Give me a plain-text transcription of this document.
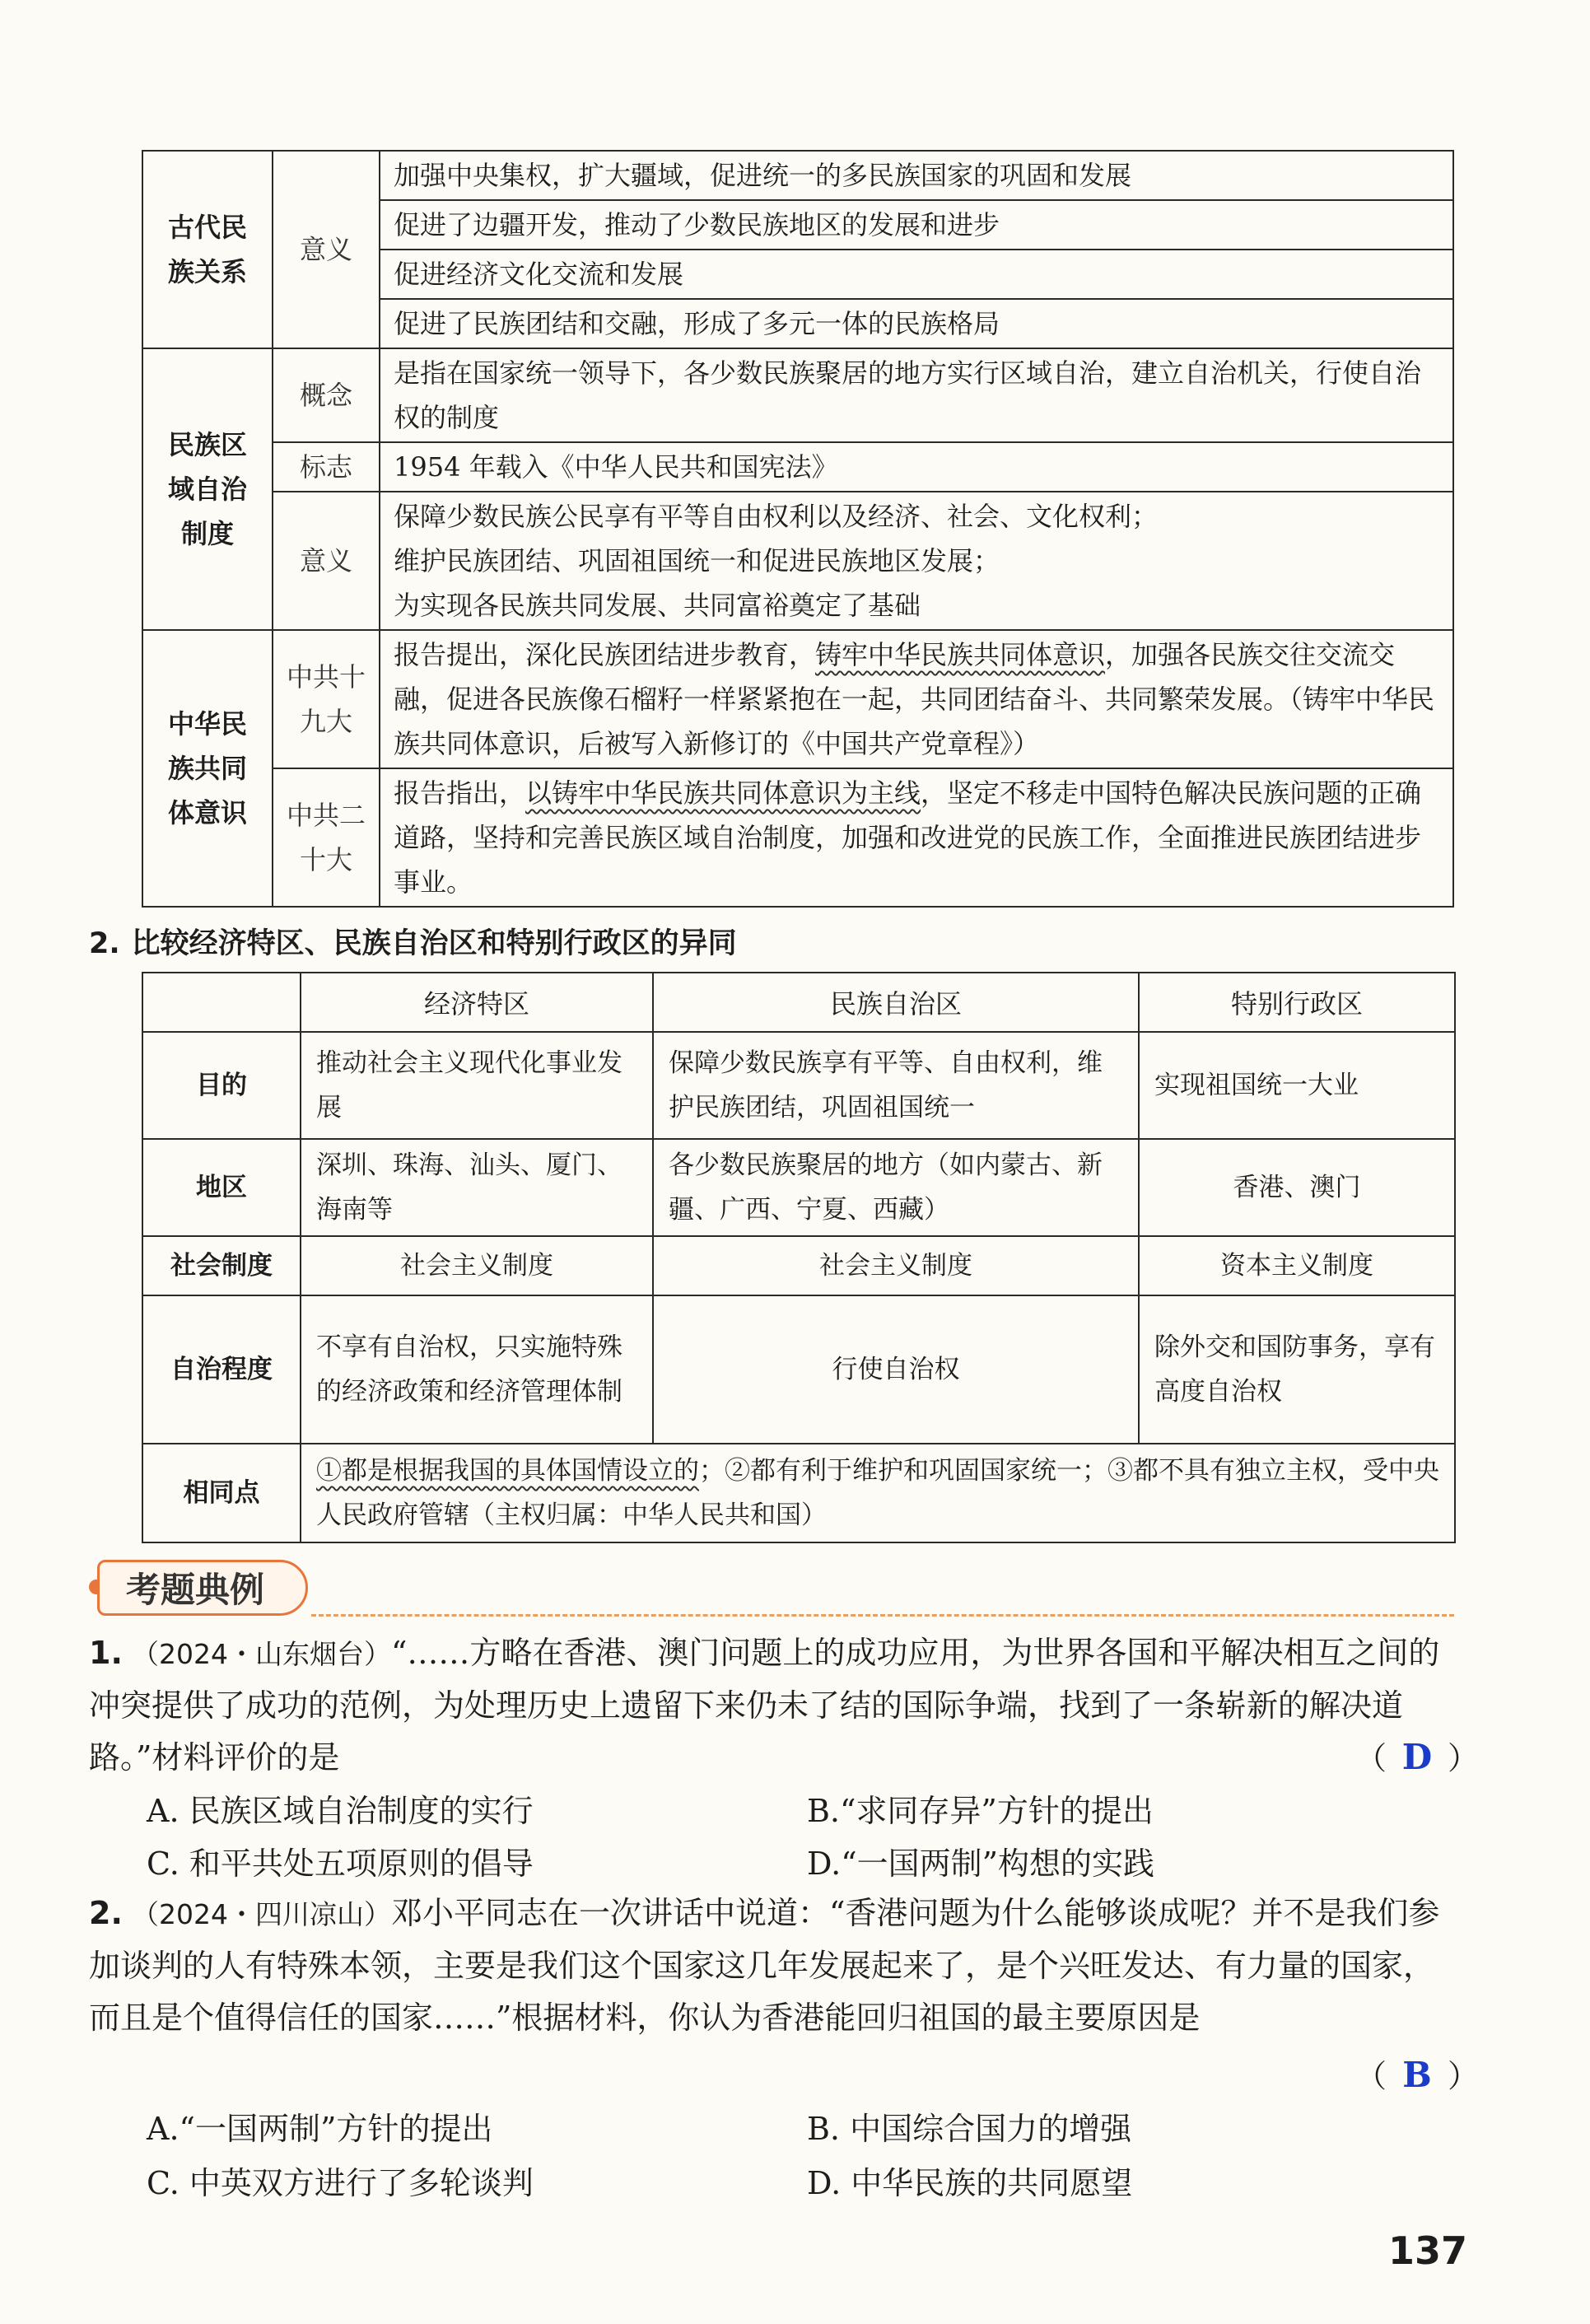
古代民族关系	意义	加强中央集权，扩大疆域，促进统一的多民族国家的巩固和发展
		促进了边疆开发，推动了少数民族地区的发展和进步
		促进经济文化交流和发展
		促进了民族团结和交融，形成了多元一体的民族格局
民族区域自治制度	概念	是指在国家统一领导下，各少数民族聚居的地方实行区域自治，建立自治机关，行使自治权的制度
	标志	1954 年载入《中华人民共和国宪法》
	意义	保障少数民族公民享有平等自由权利以及经济、社会、文化权利；
维护民族团结、巩固祖国统一和促进民族地区发展；
为实现各民族共同发展、共同富裕奠定了基础

中华民族共同体意识	中共十九大	报告提出，深化民族团结进步教育，铸牢中华民族共同体意识，加强各民族交往交流交融，促进各民族像石榴籽一样紧紧抱在一起，共同团结奋斗、共同繁荣发展。（铸牢中华民族共同体意识，后被写入新修订的《中国共产党章程》）
	中共二十大	报告指出，以铸牢中华民族共同体意识为主线，坚定不移走中国特色解决民族问题的正确道路，坚持和完善民族区域自治制度，加强和改进党的民族工作，全面推进民族团结进步事业。
2. 比较经济特区、民族自治区和特别行政区的异同
	经济特区	民族自治区	特别行政区
目的	推动社会主义现代化事业发展	保障少数民族享有平等、自由权利，维护民族团结，巩固祖国统一	实现祖国统一大业
地区	深圳、珠海、汕头、厦门、海南等	各少数民族聚居的地方（如内蒙古、新疆、广西、宁夏、西藏）	香港、澳门
社会制度	社会主义制度	社会主义制度	资本主义制度
自治程度	不享有自治权，只实施特殊的经济政策和经济管理体制	行使自治权	除外交和国防事务，享有高度自治权
相同点	①都是根据我国的具体国情设立的；②都有利于维护和巩固国家统一；③都不具有独立主权，受中央人民政府管辖（主权归属：中华人民共和国）		
考题典例
1. （2024・山东烟台）“……方略在香港、澳门问题上的成功应用，为世界各国和平解决相互之间的冲突提供了成功的范例，为处理历史上遗留下来仍未了结的国际争端，找到了一条崭新的解决道路。”材料评价的是	（ D ）
A. 民族区域自治制度的实行	B.“求同存异”方针的提出
C. 和平共处五项原则的倡导	D.“一国两制”构想的实践
2. （2024・四川凉山）邓小平同志在一次讲话中说道：“香港问题为什么能够谈成呢？并不是我们参加谈判的人有特殊本领，主要是我们这个国家这几年发展起来了，是个兴旺发达、有力量的国家，而且是个值得信任的国家……”根据材料，你认为香港能回归祖国的最主要原因是
（ B ）
A.“一国两制”方针的提出	B. 中国综合国力的增强
C. 中英双方进行了多轮谈判	D. 中华民族的共同愿望
137
